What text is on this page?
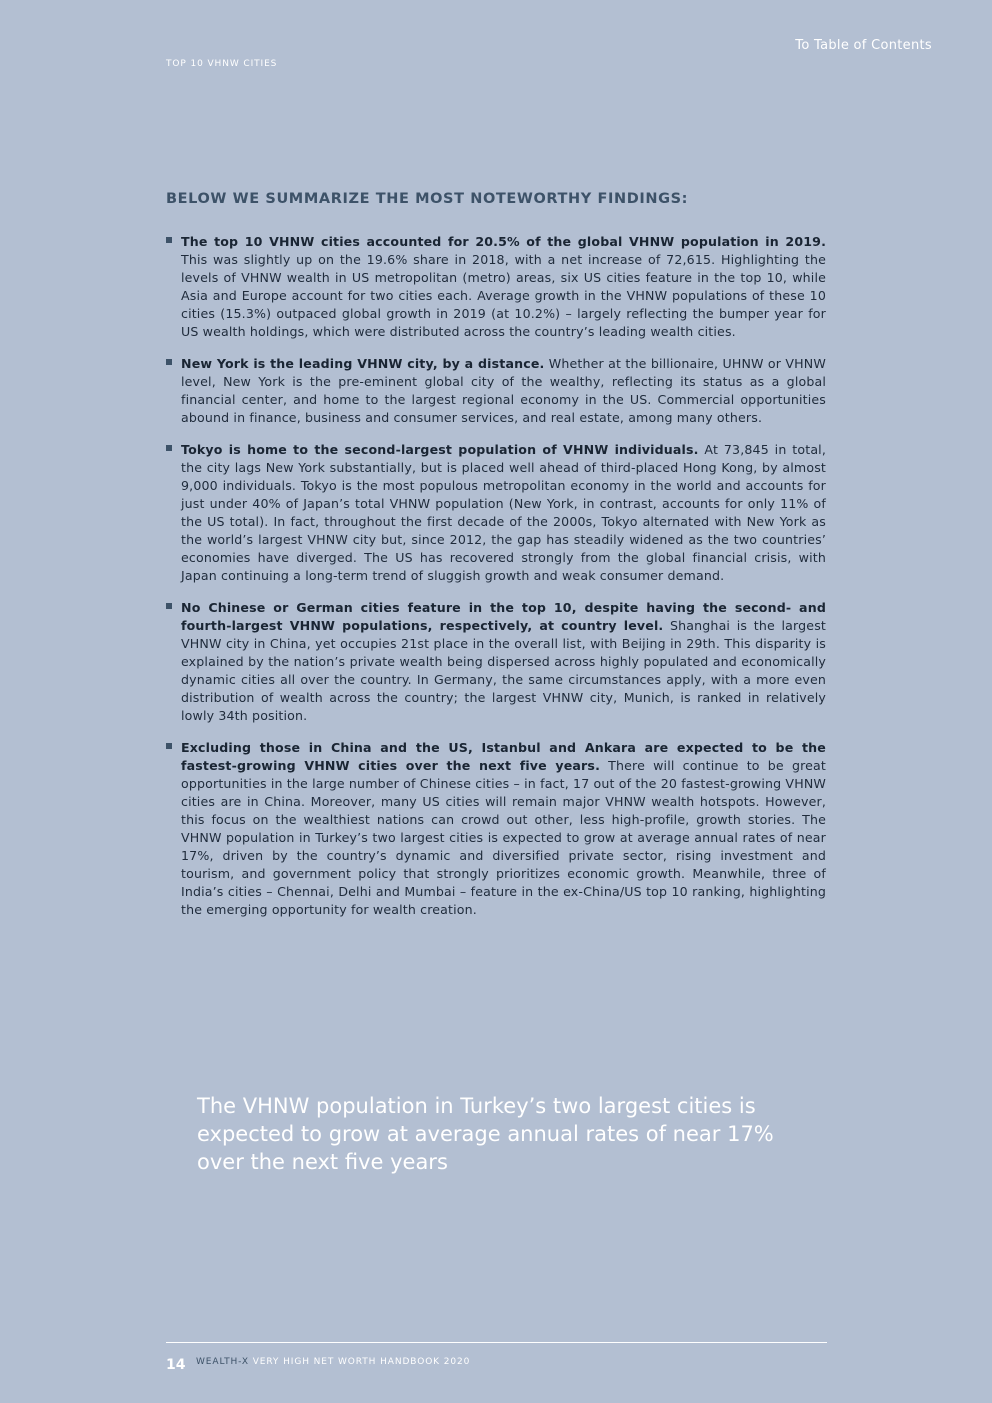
To Table of Contents
TOP 10 VHNW CITIES
BELOW WE SUMMARIZE THE MOST NOTEWORTHY FINDINGS:
The top 10 VHNW cities accounted for 20.5% of the global VHNW population in 2019. This was slightly up on the 19.6% share in 2018, with a net increase of 72,615. Highlighting the levels of VHNW wealth in US metropolitan (metro) areas, six US cities feature in the top 10, while Asia and Europe account for two cities each. Average growth in the VHNW populations of these 10 cities (15.3%) outpaced global growth in 2019 (at 10.2%) – largely reflecting the bumper year for US wealth holdings, which were distributed across the country’s leading wealth cities.
New York is the leading VHNW city, by a distance. Whether at the billionaire, UHNW or VHNW level, New York is the pre-eminent global city of the wealthy, reflecting its status as a global financial center, and home to the largest regional economy in the US. Commercial opportunities abound in finance, business and consumer services, and real estate, among many others.
Tokyo is home to the second-largest population of VHNW individuals. At 73,845 in total, the city lags New York substantially, but is placed well ahead of third-placed Hong Kong, by almost 9,000 individuals. Tokyo is the most populous metropolitan economy in the world and accounts for just under 40% of Japan’s total VHNW population (New York, in contrast, accounts for only 11% of the US total). In fact, throughout the first decade of the 2000s, Tokyo alternated with New York as the world’s largest VHNW city but, since 2012, the gap has steadily widened as the two countries’ economies have diverged. The US has recovered strongly from the global financial crisis, with Japan continuing a long-term trend of sluggish growth and weak consumer demand.
No Chinese or German cities feature in the top 10, despite having the second- and fourth-largest VHNW populations, respectively, at country level. Shanghai is the largest VHNW city in China, yet occupies 21st place in the overall list, with Beijing in 29th. This disparity is explained by the nation’s private wealth being dispersed across highly populated and economically dynamic cities all over the country. In Germany, the same circumstances apply, with a more even distribution of wealth across the country; the largest VHNW city, Munich, is ranked in relatively lowly 34th position.
Excluding those in China and the US, Istanbul and Ankara are expected to be the fastest-growing VHNW cities over the next five years. There will continue to be great opportunities in the large number of Chinese cities – in fact, 17 out of the 20 fastest-growing VHNW cities are in China. Moreover, many US cities will remain major VHNW wealth hotspots. However, this focus on the wealthiest nations can crowd out other, less high-profile, growth stories. The VHNW population in Turkey’s two largest cities is expected to grow at average annual rates of near 17%, driven by the country’s dynamic and diversified private sector, rising investment and tourism, and government policy that strongly prioritizes economic growth. Meanwhile, three of India’s cities – Chennai, Delhi and Mumbai – feature in the ex-China/US top 10 ranking, highlighting the emerging opportunity for wealth creation.
The VHNW population in Turkey’s two largest cities is expected to grow at average annual rates of near 17% over the next five years
14 WEALTH-X VERY HIGH NET WORTH HANDBOOK 2020
